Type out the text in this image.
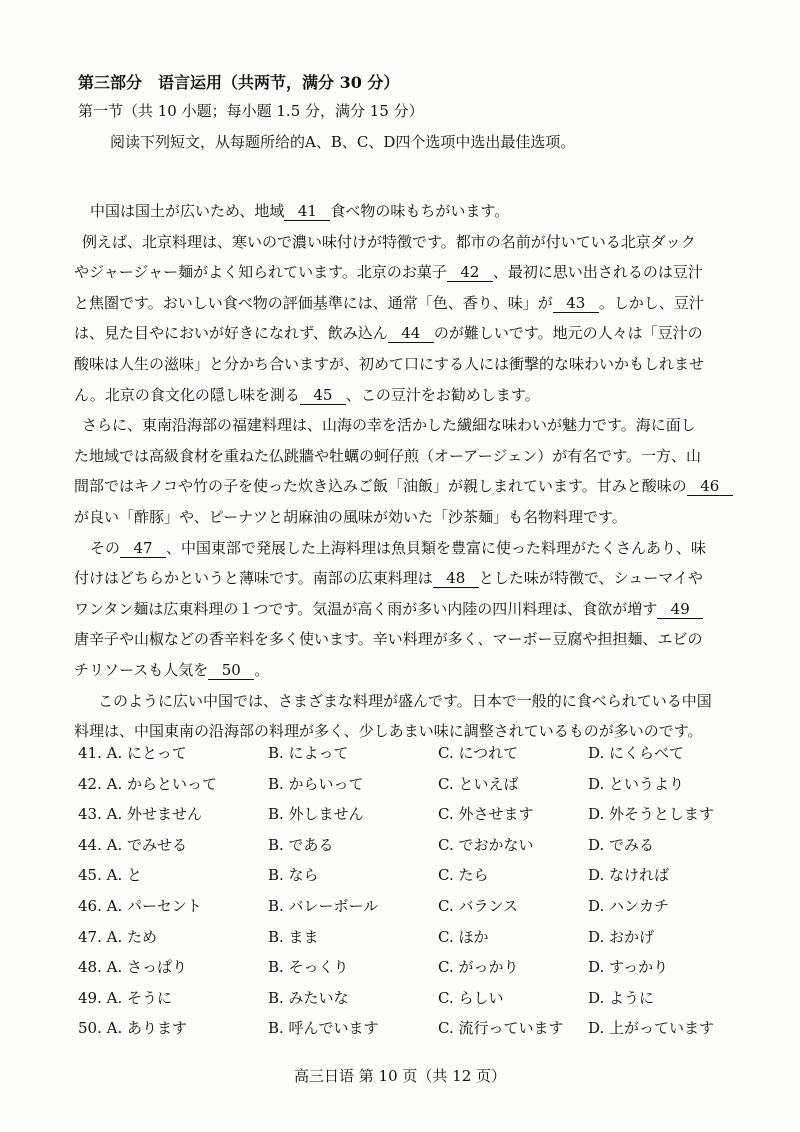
第三部分　语言运用（共两节，满分 30 分）
第一节（共 10 小题；每小题 1.5 分，满分 15 分）
阅读下列短文，从每题所给的A、B、C、D四个选项中选出最佳选项。
中国は国土が広いため、地域 41 食べ物の味もちがいます。
例えば、北京料理は、寒いので濃い味付けが特徴です。都市の名前が付いている北京ダック
やジャージャー麺がよく知られています。北京のお菓子 42 、最初に思い出されるのは豆汁
と焦圏です。おいしい食べ物の評価基準には、通常「色、香り、味」が 43 。しかし、豆汁
は、見た目やにおいが好きになれず、飲み込ん 44 のが難しいです。地元の人々は「豆汁の
酸味は人生の滋味」と分かち合いますが、初めて口にする人には衝撃的な味わいかもしれませ
ん。北京の食文化の隠し味を測る 45 、この豆汁をお勧めします。
さらに、東南沿海部の福建料理は、山海の幸を活かした繊細な味わいが魅力です。海に面し
た地域では高級食材を重ねた仏跳牆や牡蠣の蚵仔煎（オーアージェン）が有名です。一方、山
間部ではキノコや竹の子を使った炊き込みご飯「油飯」が親しまれています。甘みと酸味の 46
が良い「酢豚」や、ピーナツと胡麻油の風味が効いた「沙茶麺」も名物料理です。
その 47 、中国東部で発展した上海料理は魚貝類を豊富に使った料理がたくさんあり、味
付けはどちらかというと薄味です。南部の広東料理は 48 とした味が特徴で、シューマイや
ワンタン麺は広東料理の１つです。気温が高く雨が多い内陸の四川料理は、食欲が増す 49
唐辛子や山椒などの香辛料を多く使います。辛い料理が多く、マーボー豆腐や担担麺、エビの
チリソースも人気を 50 。
このように広い中国では、さまざまな料理が盛んです。日本で一般的に食べられている中国
料理は、中国東南の沿海部の料理が多く、少しあまい味に調整されているものが多いのです。
41. A. にとって	B. によって	C. につれて	D. にくらべて
42. A. からといって	B. からいって	C. といえば	D. というより
43. A. 外せません	B. 外しません	C. 外させます	D. 外そうとします
44. A. でみせる	B. である	C. でおかない	D. でみる
45. A. と	B. なら	C. たら	D. なければ
46. A. パーセント	B. バレーボール	C. バランス	D. ハンカチ
47. A. ため	B. まま	C. ほか	D. おかげ
48. A. さっぱり	B. そっくり	C. がっかり	D. すっかり
49. A. そうに	B. みたいな	C. らしい	D. ように
50. A. あります	B. 呼んでいます	C. 流行っています	D. 上がっています
高三日语 第 10 页（共 12 页）
